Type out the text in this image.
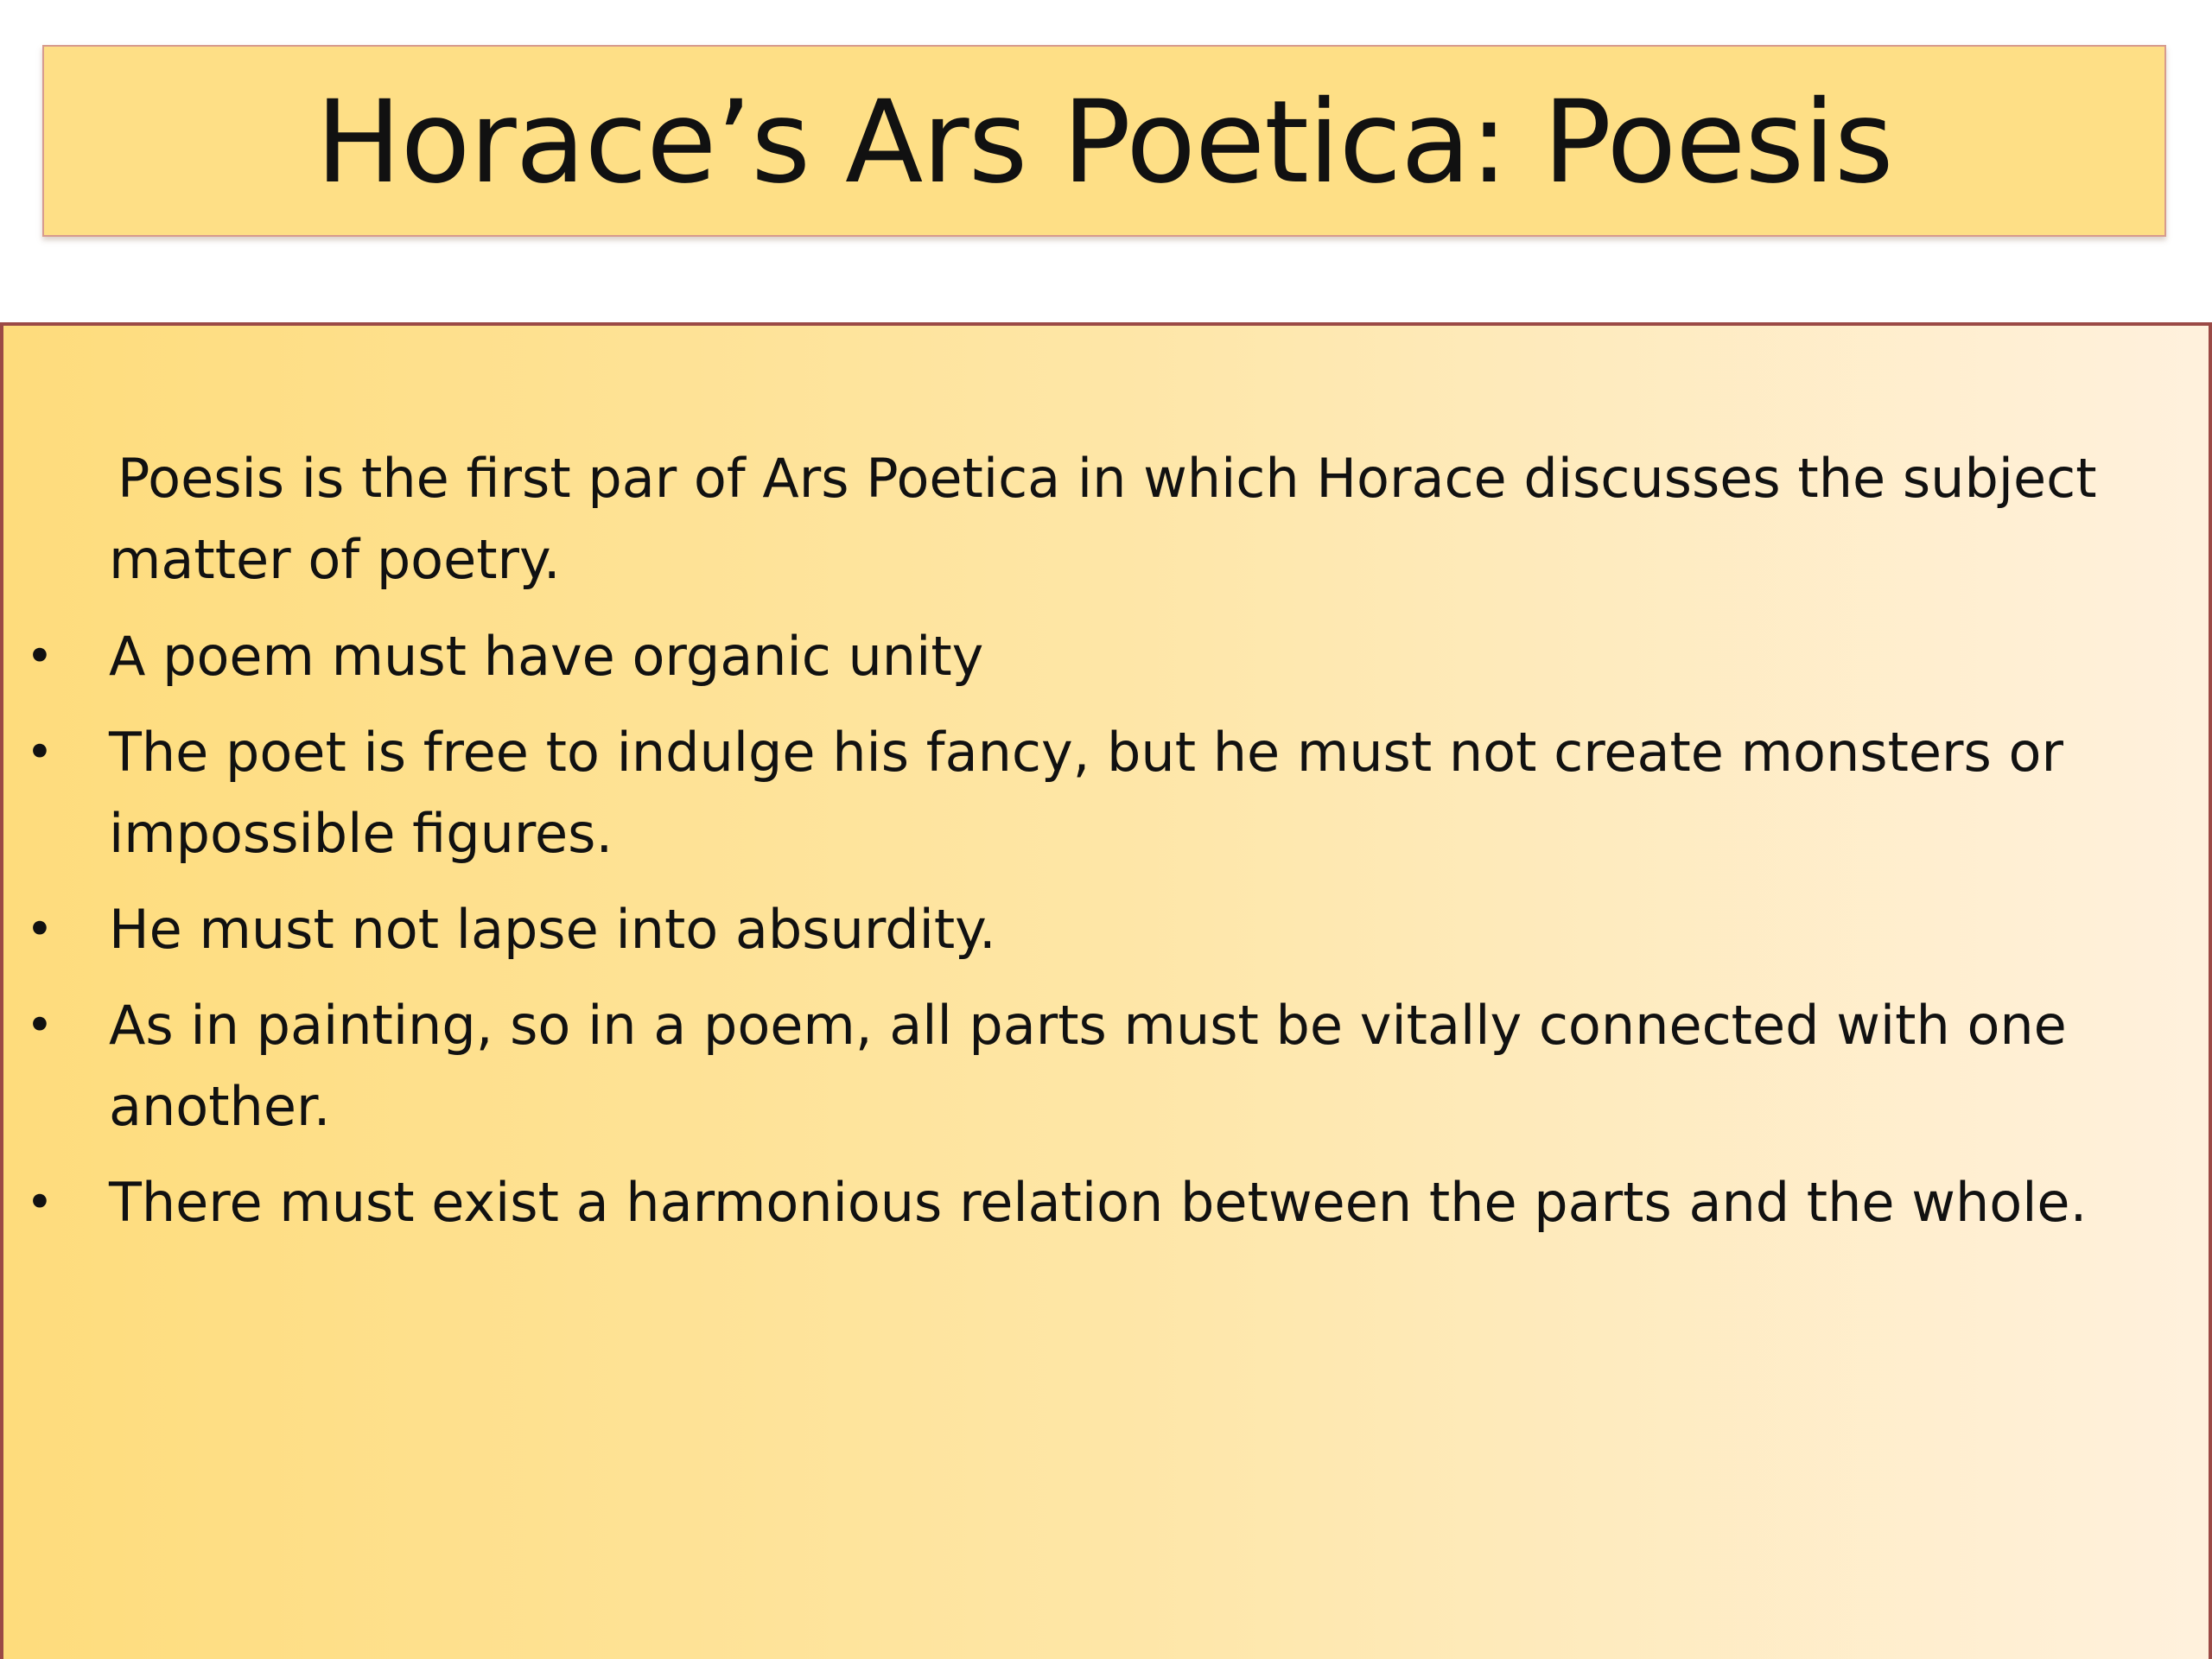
Horace’s Ars Poetica: Poesis

Poesis is the first par of Ars Poetica in which Horace discusses the subject matter of poetry.

• A poem must have organic unity
• The poet is free to indulge his fancy, but he must not create monsters or impossible figures.
• He must not lapse into absurdity.
• As in painting, so in a poem, all parts must be vitally connected with one another.
• There must exist a harmonious relation between the parts and the whole.
